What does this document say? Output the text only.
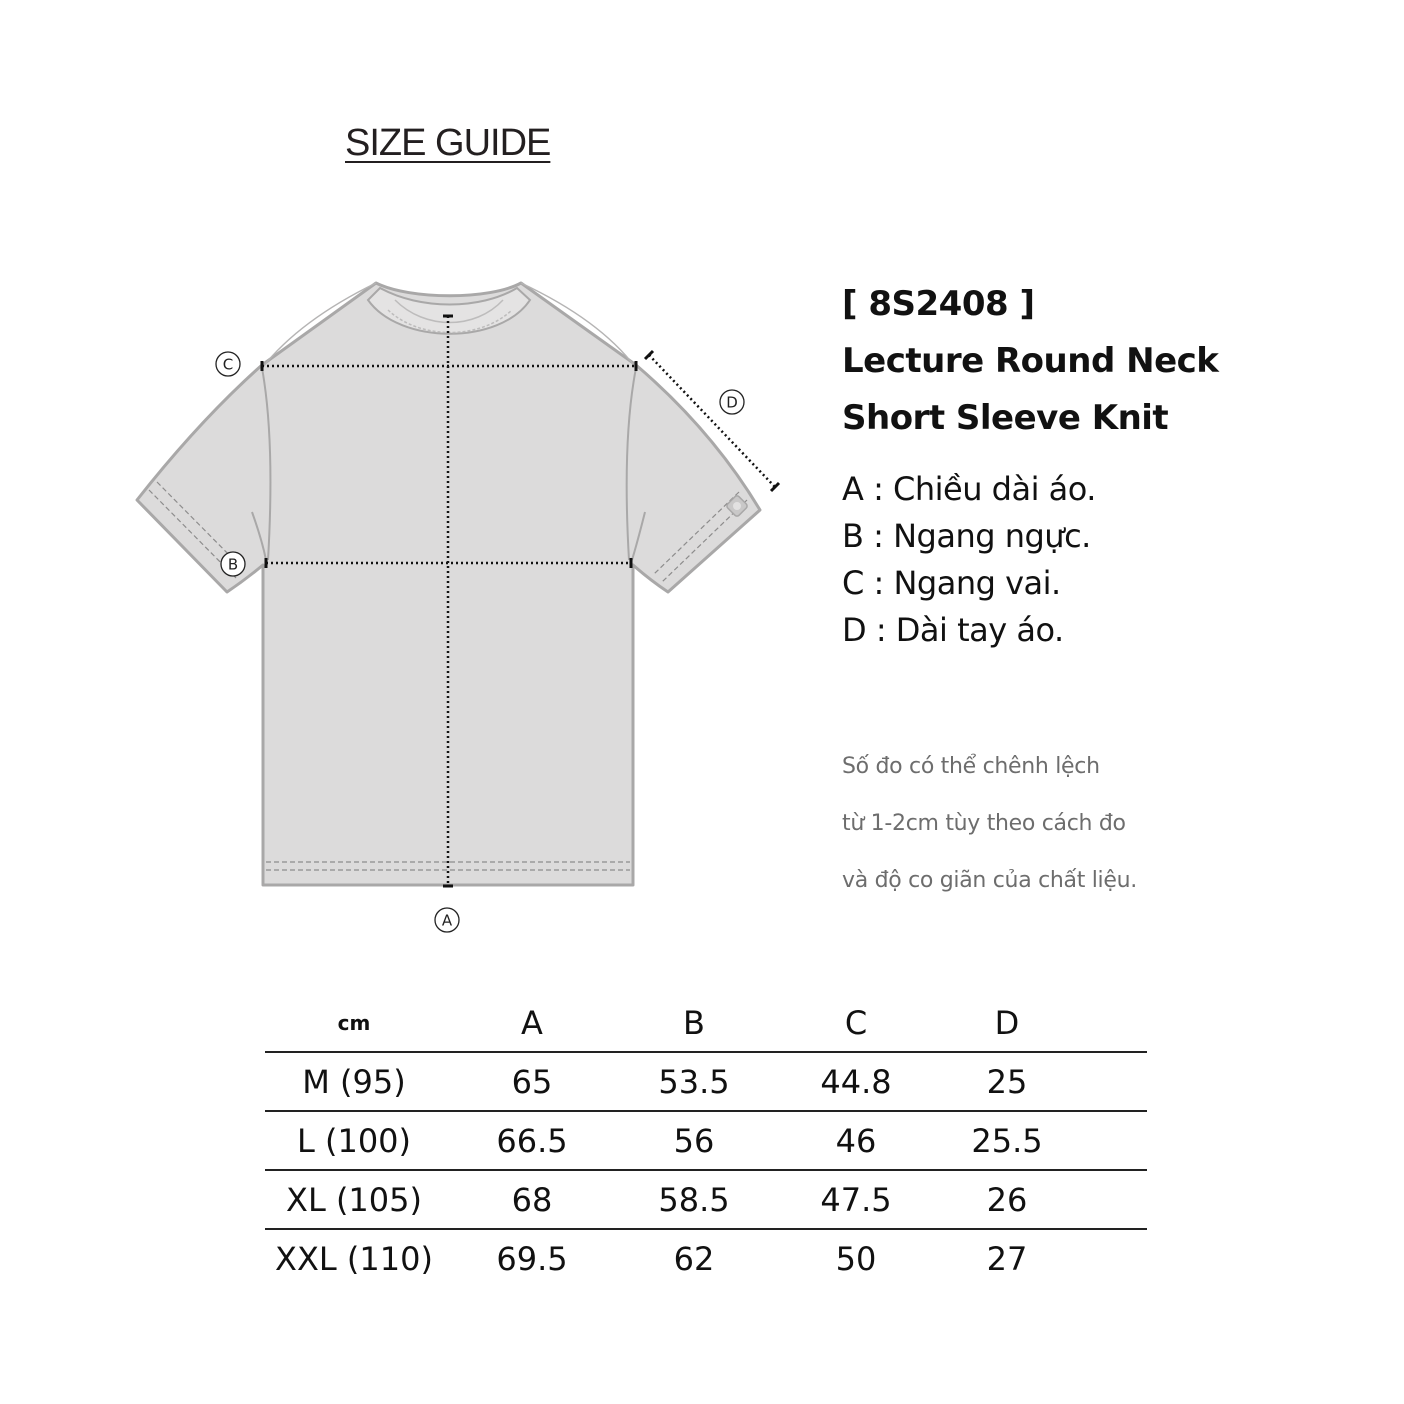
SIZE GUIDE
C
D
B
A
[ 8S2408 ]
Lecture Round Neck
Short Sleeve Knit
A : Chiều dài áo.
B : Ngang ngực.
C : Ngang vai.
D : Dài tay áo.
Số đo có thể chênh lệch
từ 1-2cm tùy theo cách đo
và độ co giãn của chất liệu.
cm	A	B	C	D	
M (95)	65	53.5	44.8	25	
L (100)	66.5	56	46	25.5	
XL (105)	68	58.5	47.5	26	
XXL (110)	69.5	62	50	27	
